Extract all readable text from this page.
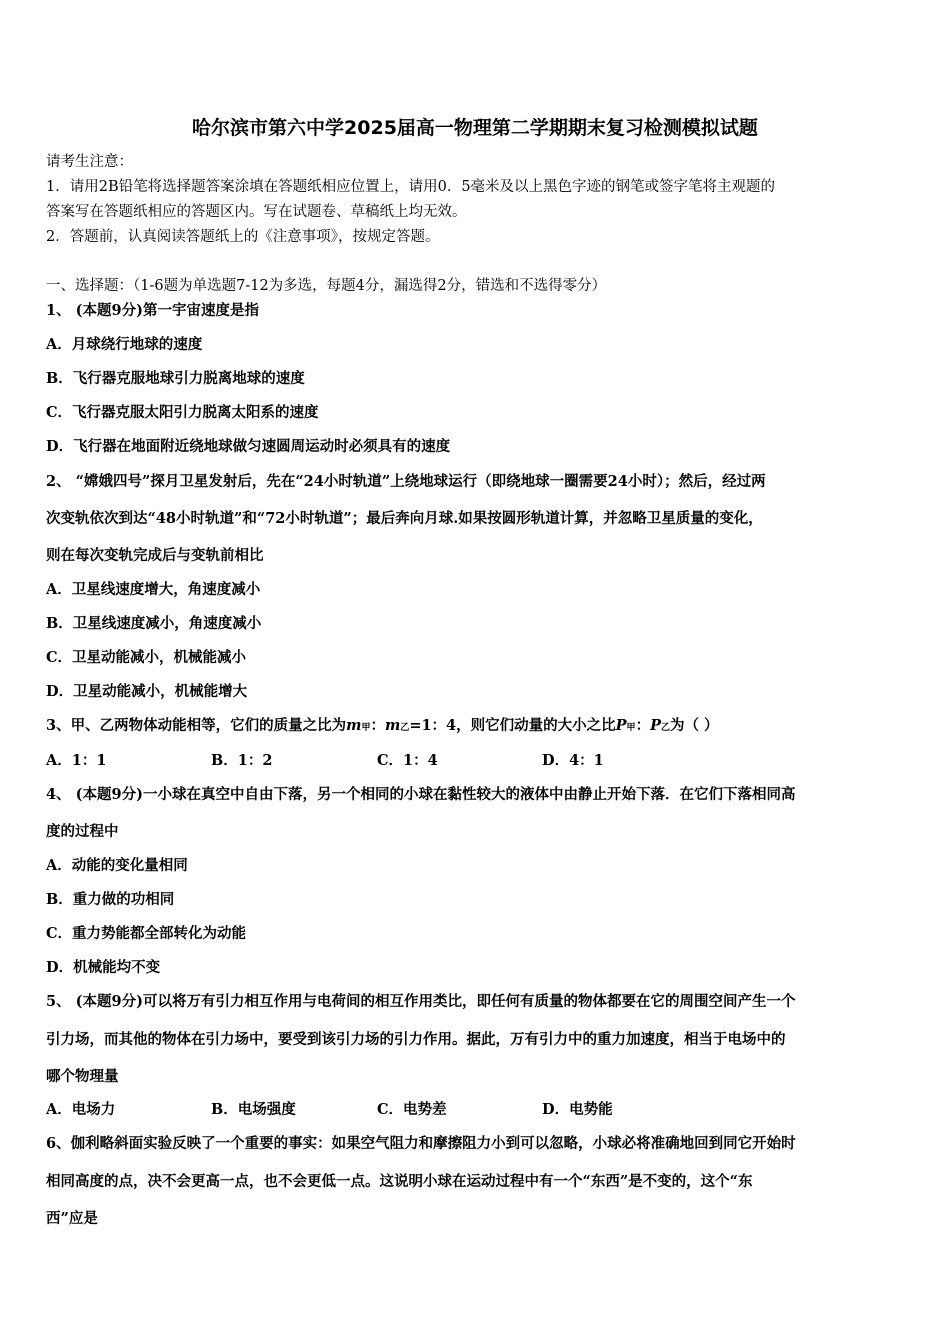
哈尔滨市第六中学2025届高一物理第二学期期末复习检测模拟试题
请考生注意：
1．请用2B铅笔将选择题答案涂填在答题纸相应位置上，请用0．5毫米及以上黑色字迹的钢笔或签字笔将主观题的
答案写在答题纸相应的答题区内。写在试题卷、草稿纸上均无效。
2．答题前，认真阅读答题纸上的《注意事项》，按规定答题。
一、选择题：（1-6题为单选题7-12为多选，每题4分，漏选得2分，错选和不选得零分）
1、 (本题9分)第一宇宙速度是指
A．月球绕行地球的速度
B．飞行器克服地球引力脱离地球的速度
C．飞行器克服太阳引力脱离太阳系的速度
D．飞行器在地面附近绕地球做匀速圆周运动时必须具有的速度
2、 “嫦娥四号”探月卫星发射后，先在“24小时轨道”上绕地球运行（即绕地球一圈需要24小时）；然后，经过两
次变轨依次到达“48小时轨道”和“72小时轨道”；最后奔向月球.如果按圆形轨道计算，并忽略卫星质量的变化，
则在每次变轨完成后与变轨前相比
A．卫星线速度增大，角速度减小
B．卫星线速度减小，角速度减小
C．卫星动能减小，机械能减小
D．卫星动能减小，机械能增大
3、甲、乙两物体动能相等，它们的质量之比为m甲：m乙=1：4，则它们动量的大小之比P甲：P乙为（ ）
A．1：1	B．1：2	C．1：4	D．4：1
4、 (本题9分)一小球在真空中自由下落，另一个相同的小球在黏性较大的液体中由静止开始下落．在它们下落相同高
度的过程中
A．动能的变化量相同
B．重力做的功相同
C．重力势能都全部转化为动能
D．机械能均不变
5、 (本题9分)可以将万有引力相互作用与电荷间的相互作用类比，即任何有质量的物体都要在它的周围空间产生一个
引力场，而其他的物体在引力场中，要受到该引力场的引力作用。据此，万有引力中的重力加速度，相当于电场中的
哪个物理量
A．电场力	B．电场强度	C．电势差	D．电势能
6、伽利略斜面实验反映了一个重要的事实：如果空气阻力和摩擦阻力小到可以忽略，小球必将准确地回到同它开始时
相同高度的点，决不会更高一点，也不会更低一点。这说明小球在运动过程中有一个“东西”是不变的，这个“东
西”应是
